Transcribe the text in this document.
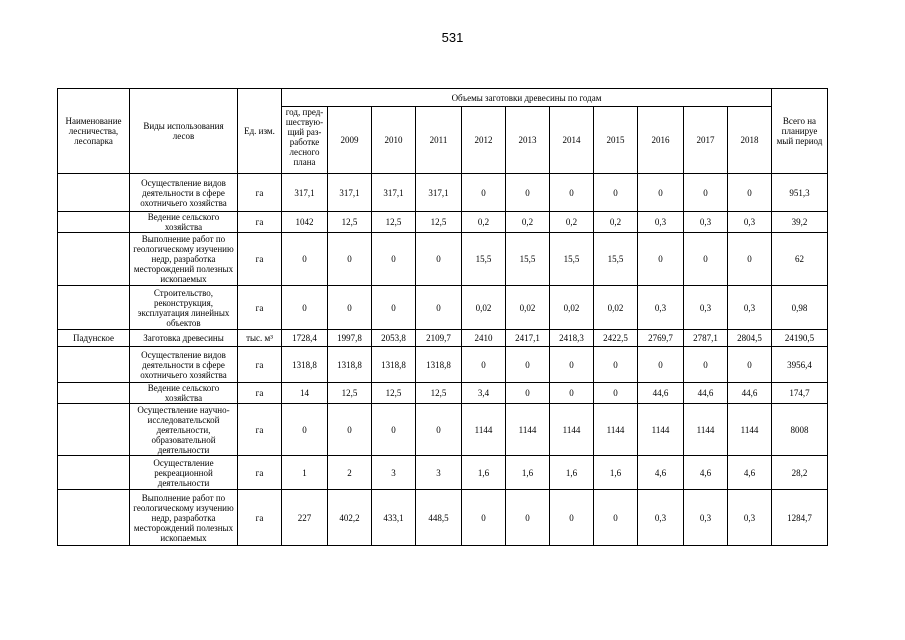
531
Наименование лесничества, лесопарка	Виды использования лесов	Ед. изм.	Объемы заготовки древесины по годам											Всего на планируе мый период
			год, пред-шествую-щий раз-работке лесного плана	2009	2010	2011	2012	2013	2014	2015	2016	2017	2018	
	Осуществление видов деятельности в сфере охотничьего хозяйства	га	317,1	317,1	317,1	317,1	0	0	0	0	0	0	0	951,3
	Ведение сельского хозяйства	га	1042	12,5	12,5	12,5	0,2	0,2	0,2	0,2	0,3	0,3	0,3	39,2
	Выполнение работ по геологическому изучению недр, разработка месторождений полезных ископаемых	га	0	0	0	0	15,5	15,5	15,5	15,5	0	0	0	62
	Строительство, реконструкция, эксплуатация линейных объектов	га	0	0	0	0	0,02	0,02	0,02	0,02	0,3	0,3	0,3	0,98
Падунское	Заготовка древесины	тыс. м³	1728,4	1997,8	2053,8	2109,7	2410	2417,1	2418,3	2422,5	2769,7	2787,1	2804,5	24190,5
	Осуществление видов деятельности в сфере охотничьего хозяйства	га	1318,8	1318,8	1318,8	1318,8	0	0	0	0	0	0	0	3956,4
	Ведение сельского хозяйства	га	14	12,5	12,5	12,5	3,4	0	0	0	44,6	44,6	44,6	174,7
	Осуществление научно-исследовательской деятельности, образовательной деятельности	га	0	0	0	0	1144	1144	1144	1144	1144	1144	1144	8008
	Осуществление рекреационной деятельности	га	1	2	3	3	1,6	1,6	1,6	1,6	4,6	4,6	4,6	28,2
	Выполнение работ по геологическому изучению недр, разработка месторождений полезных ископаемых	га	227	402,2	433,1	448,5	0	0	0	0	0,3	0,3	0,3	1284,7
